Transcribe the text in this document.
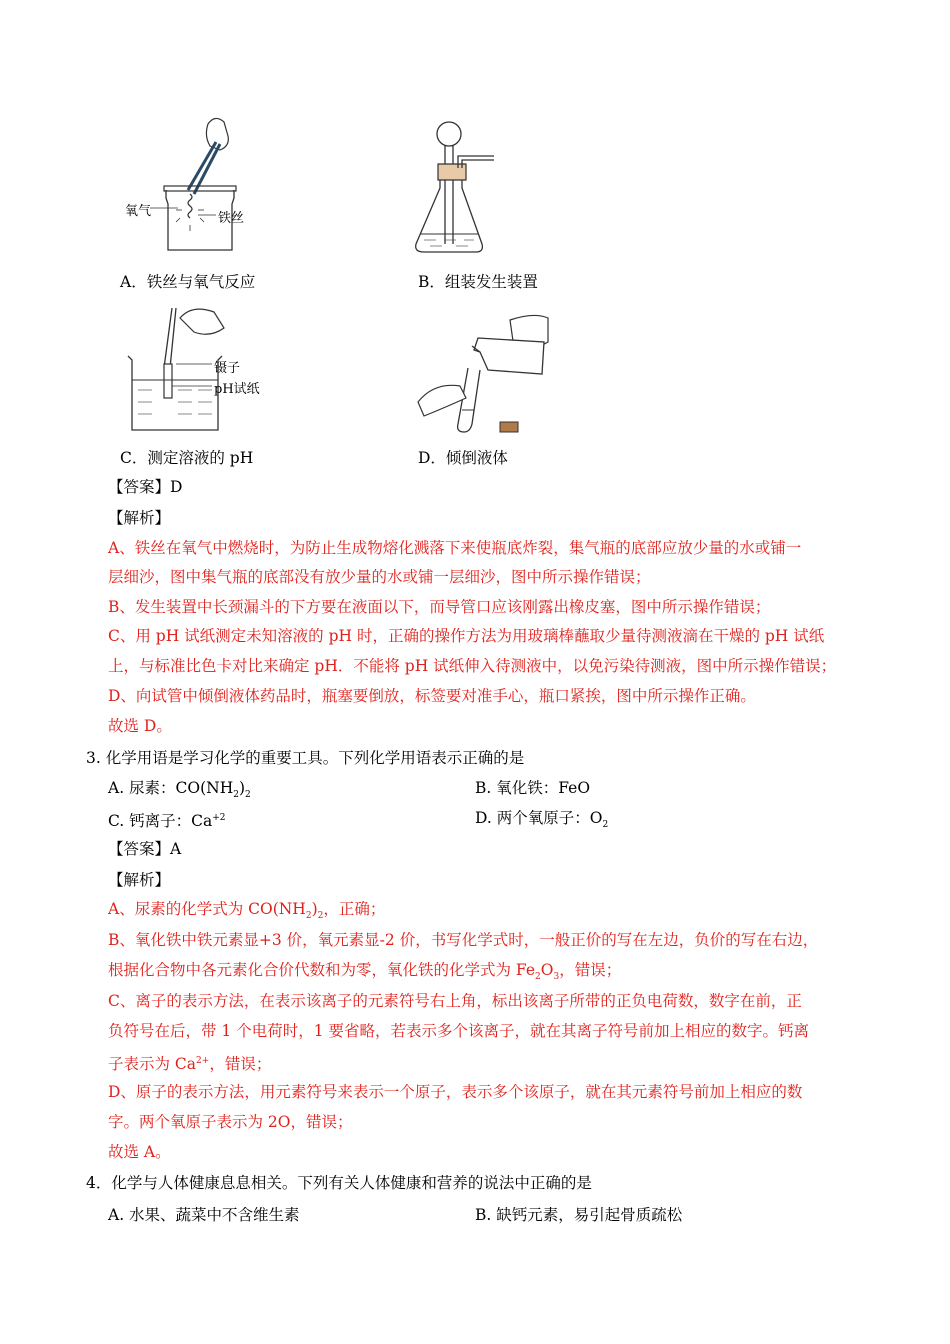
氧气	铁丝
A．铁丝与氧气反应	B．组装发生装置
镊子
pH试纸
C．测定溶液的 pH	D．倾倒液体
【答案】D
【解析】
A、铁丝在氧气中燃烧时，为防止生成物熔化溅落下来使瓶底炸裂，集气瓶的底部应放少量的水或铺一
层细沙，图中集气瓶的底部没有放少量的水或铺一层细沙，图中所示操作错误；
B、发生装置中长颈漏斗的下方要在液面以下，而导管口应该刚露出橡皮塞，图中所示操作错误；
C、用 pH 试纸测定未知溶液的 pH 时，正确的操作方法为用玻璃棒蘸取少量待测液滴在干燥的 pH 试纸
上，与标准比色卡对比来确定 pH．不能将 pH 试纸伸入待测液中，以免污染待测液，图中所示操作错误；
D、向试管中倾倒液体药品时，瓶塞要倒放，标签要对准手心，瓶口紧挨，图中所示操作正确。
故选 D。
3. 化学用语是学习化学的重要工具。下列化学用语表示正确的是
A. 尿素：$CO(NH_2)_2$	B. 氧化铁：FeO
C. 钙离子：$Ca^{+2}$	D. 两个氧原子：$O_2$
【答案】A
【解析】
A、尿素的化学式为 $CO(NH_2)_2$，正确；
B、氧化铁中铁元素显+3 价，氧元素显-2 价，书写化学式时，一般正价的写在左边，负价的写在右边，
根据化合物中各元素化合价代数和为零，氧化铁的化学式为 $Fe_2O_3$，错误；
C、离子的表示方法，在表示该离子的元素符号右上角，标出该离子所带的正负电荷数，数字在前，正
负符号在后，带 1 个电荷时，1 要省略，若表示多个该离子，就在其离子符号前加上相应的数字。钙离
子表示为 $Ca^{2+}$，错误；
D、原子的表示方法，用元素符号来表示一个原子，表示多个该原子，就在其元素符号前加上相应的数
字。两个氧原子表示为 2O，错误；
故选 A。
4．化学与人体健康息息相关。下列有关人体健康和营养的说法中正确的是
A. 水果、蔬菜中不含维生素	B. 缺钙元素，易引起骨质疏松
